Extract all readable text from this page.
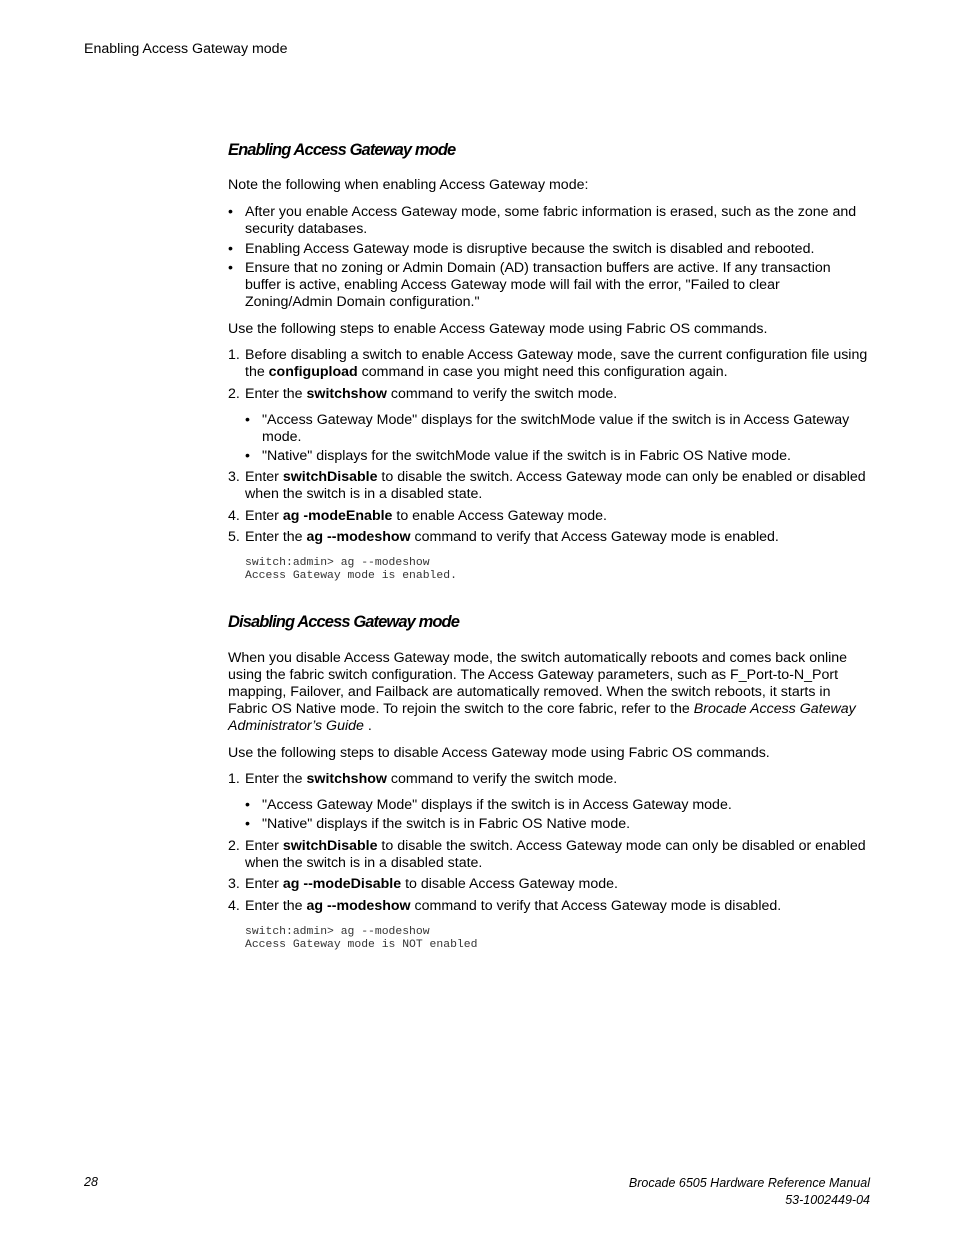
Enabling Access Gateway mode
Enabling Access Gateway mode
Note the following when enabling Access Gateway mode:
• After you enable Access Gateway mode, some fabric information is erased, such as the zone and security databases.
• Enabling Access Gateway mode is disruptive because the switch is disabled and rebooted.
• Ensure that no zoning or Admin Domain (AD) transaction buffers are active. If any transaction buffer is active, enabling Access Gateway mode will fail with the error, "Failed to clear Zoning/Admin Domain configuration."
Use the following steps to enable Access Gateway mode using Fabric OS commands.
1. Before disabling a switch to enable Access Gateway mode, save the current configuration file using the configupload command in case you might need this configuration again.
2. Enter the switchshow command to verify the switch mode.
• "Access Gateway Mode" displays for the switchMode value if the switch is in Access Gateway mode.
• "Native" displays for the switchMode value if the switch is in Fabric OS Native mode.
3. Enter switchDisable to disable the switch. Access Gateway mode can only be enabled or disabled when the switch is in a disabled state.
4. Enter ag -modeEnable to enable Access Gateway mode.
5. Enter the ag --modeshow command to verify that Access Gateway mode is enabled.
switch:admin> ag --modeshow
Access Gateway mode is enabled.
Disabling Access Gateway mode
When you disable Access Gateway mode, the switch automatically reboots and comes back online using the fabric switch configuration. The Access Gateway parameters, such as F_Port-to-N_Port mapping, Failover, and Failback are automatically removed. When the switch reboots, it starts in Fabric OS Native mode. To rejoin the switch to the core fabric, refer to the Brocade Access Gateway Administrator’s Guide .
Use the following steps to disable Access Gateway mode using Fabric OS commands.
1. Enter the switchshow command to verify the switch mode.
• "Access Gateway Mode" displays if the switch is in Access Gateway mode.
• "Native" displays if the switch is in Fabric OS Native mode.
2. Enter switchDisable to disable the switch. Access Gateway mode can only be disabled or enabled when the switch is in a disabled state.
3. Enter ag --modeDisable to disable Access Gateway mode.
4. Enter the ag --modeshow command to verify that Access Gateway mode is disabled.
switch:admin> ag --modeshow
Access Gateway mode is NOT enabled
28	Brocade 6505 Hardware Reference Manual
53-1002449-04
